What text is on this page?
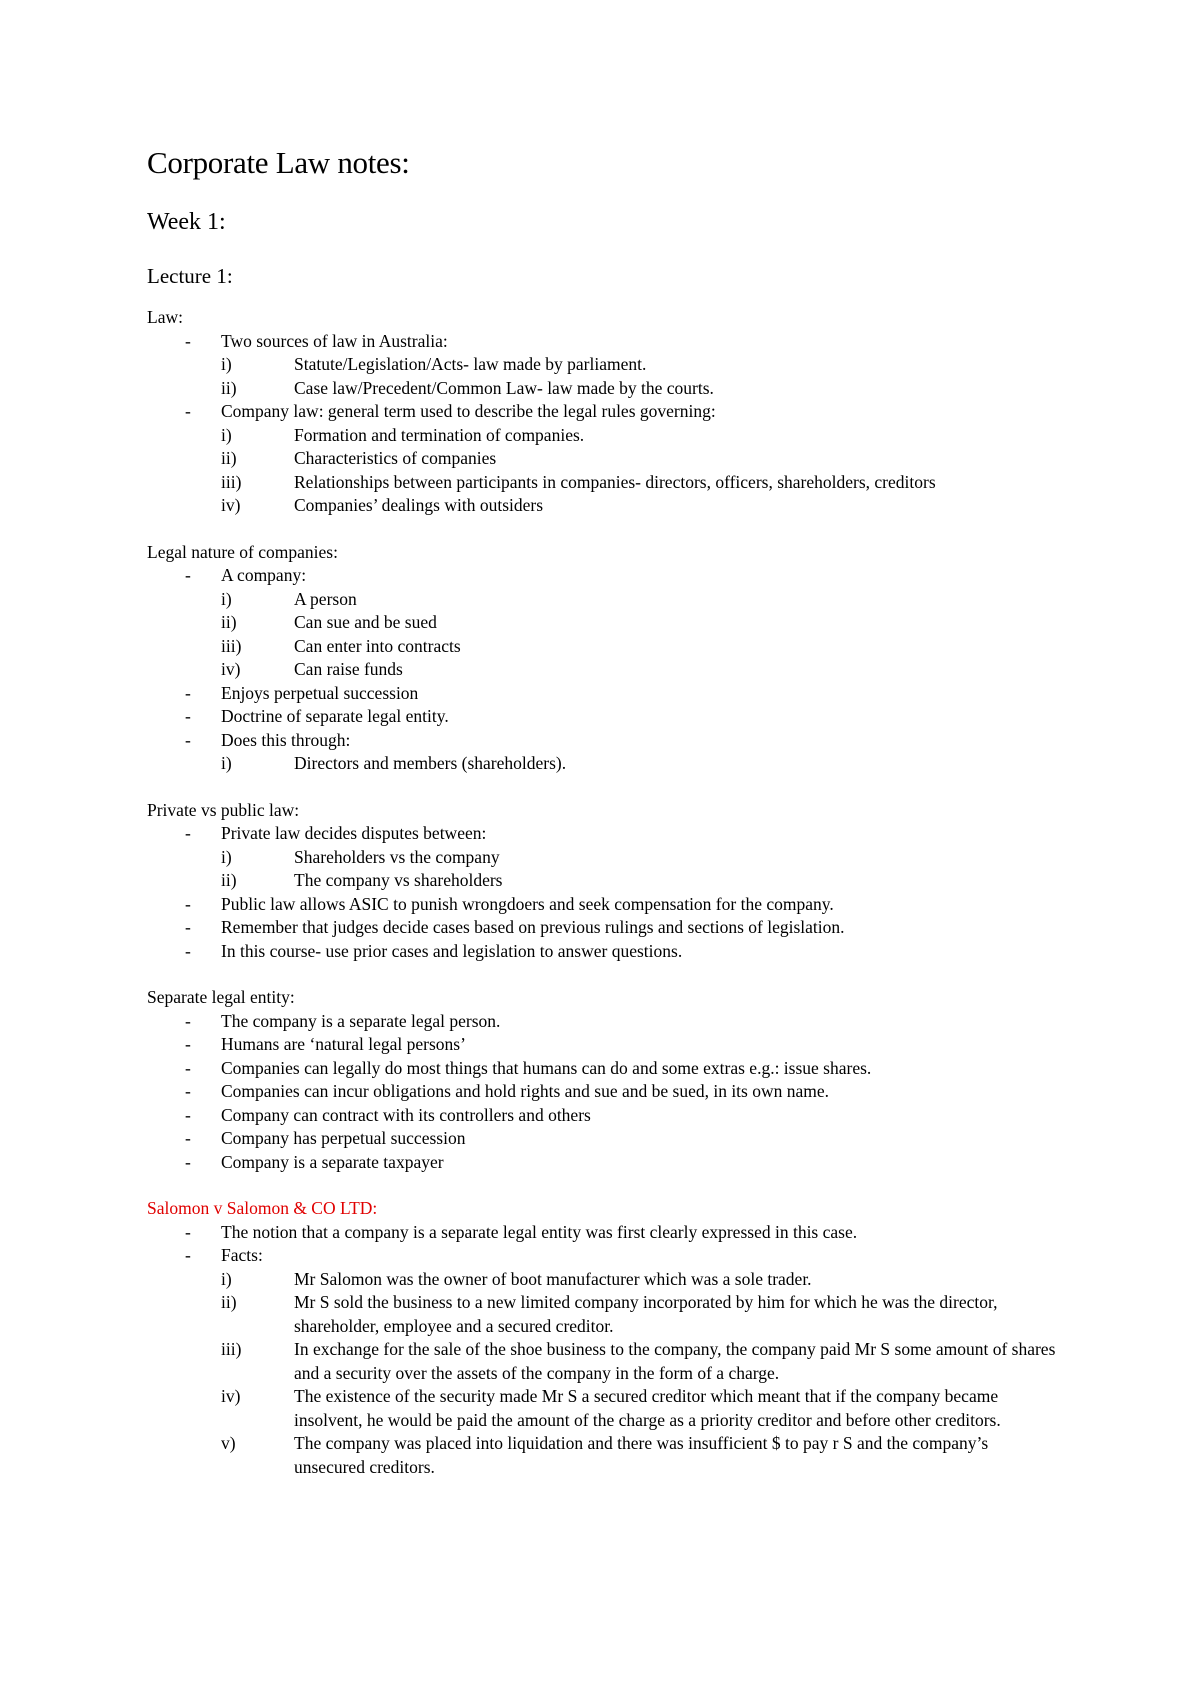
Corporate Law notes:
Week 1:
Lecture 1:

Law:

-	Two sources of law in Australia:
i)	Statute/Legislation/Acts- law made by parliament.
ii)	Case law/Precedent/Common Law- law made by the courts.
-	Company law: general term used to describe the legal rules governing:
i)	Formation and termination of companies.
ii)	Characteristics of companies
iii)	Relationships between participants in companies- directors, officers, shareholders, creditors
iv)	Companies’ dealings with outsiders

Legal nature of companies:

-	A company:
i)	A person
ii)	Can sue and be sued
iii)	Can enter into contracts
iv)	Can raise funds
-	Enjoys perpetual succession
-	Doctrine of separate legal entity.
-	Does this through:
i)	Directors and members (shareholders).

Private vs public law:

-	Private law decides disputes between:
i)	Shareholders vs the company
ii)	The company vs shareholders
-	Public law allows ASIC to punish wrongdoers and seek compensation for the company.
-	Remember that judges decide cases based on previous rulings and sections of legislation.
-	In this course- use prior cases and legislation to answer questions.

Separate legal entity:

-	The company is a separate legal person.
-	Humans are ‘natural legal persons’
-	Companies can legally do most things that humans can do and some extras e.g.: issue shares.
-	Companies can incur obligations and hold rights and sue and be sued, in its own name.
-	Company can contract with its controllers and others
-	Company has perpetual succession
-	Company is a separate taxpayer

Salomon v Salomon & CO LTD:

-	The notion that a company is a separate legal entity was first clearly expressed in this case.
-	Facts:
i)	Mr Salomon was the owner of boot manufacturer which was a sole trader.
ii)	Mr S sold the business to a new limited company incorporated by him for which he was the director, shareholder, employee and a secured creditor.
iii)	In exchange for the sale of the shoe business to the company, the company paid Mr S some amount of shares and a security over the assets of the company in the form of a charge.
iv)	The existence of the security made Mr S a secured creditor which meant that if the company became insolvent, he would be paid the amount of the charge as a priority creditor and before other creditors.
v)	The company was placed into liquidation and there was insufficient $ to pay r S and the company’s unsecured creditors.
